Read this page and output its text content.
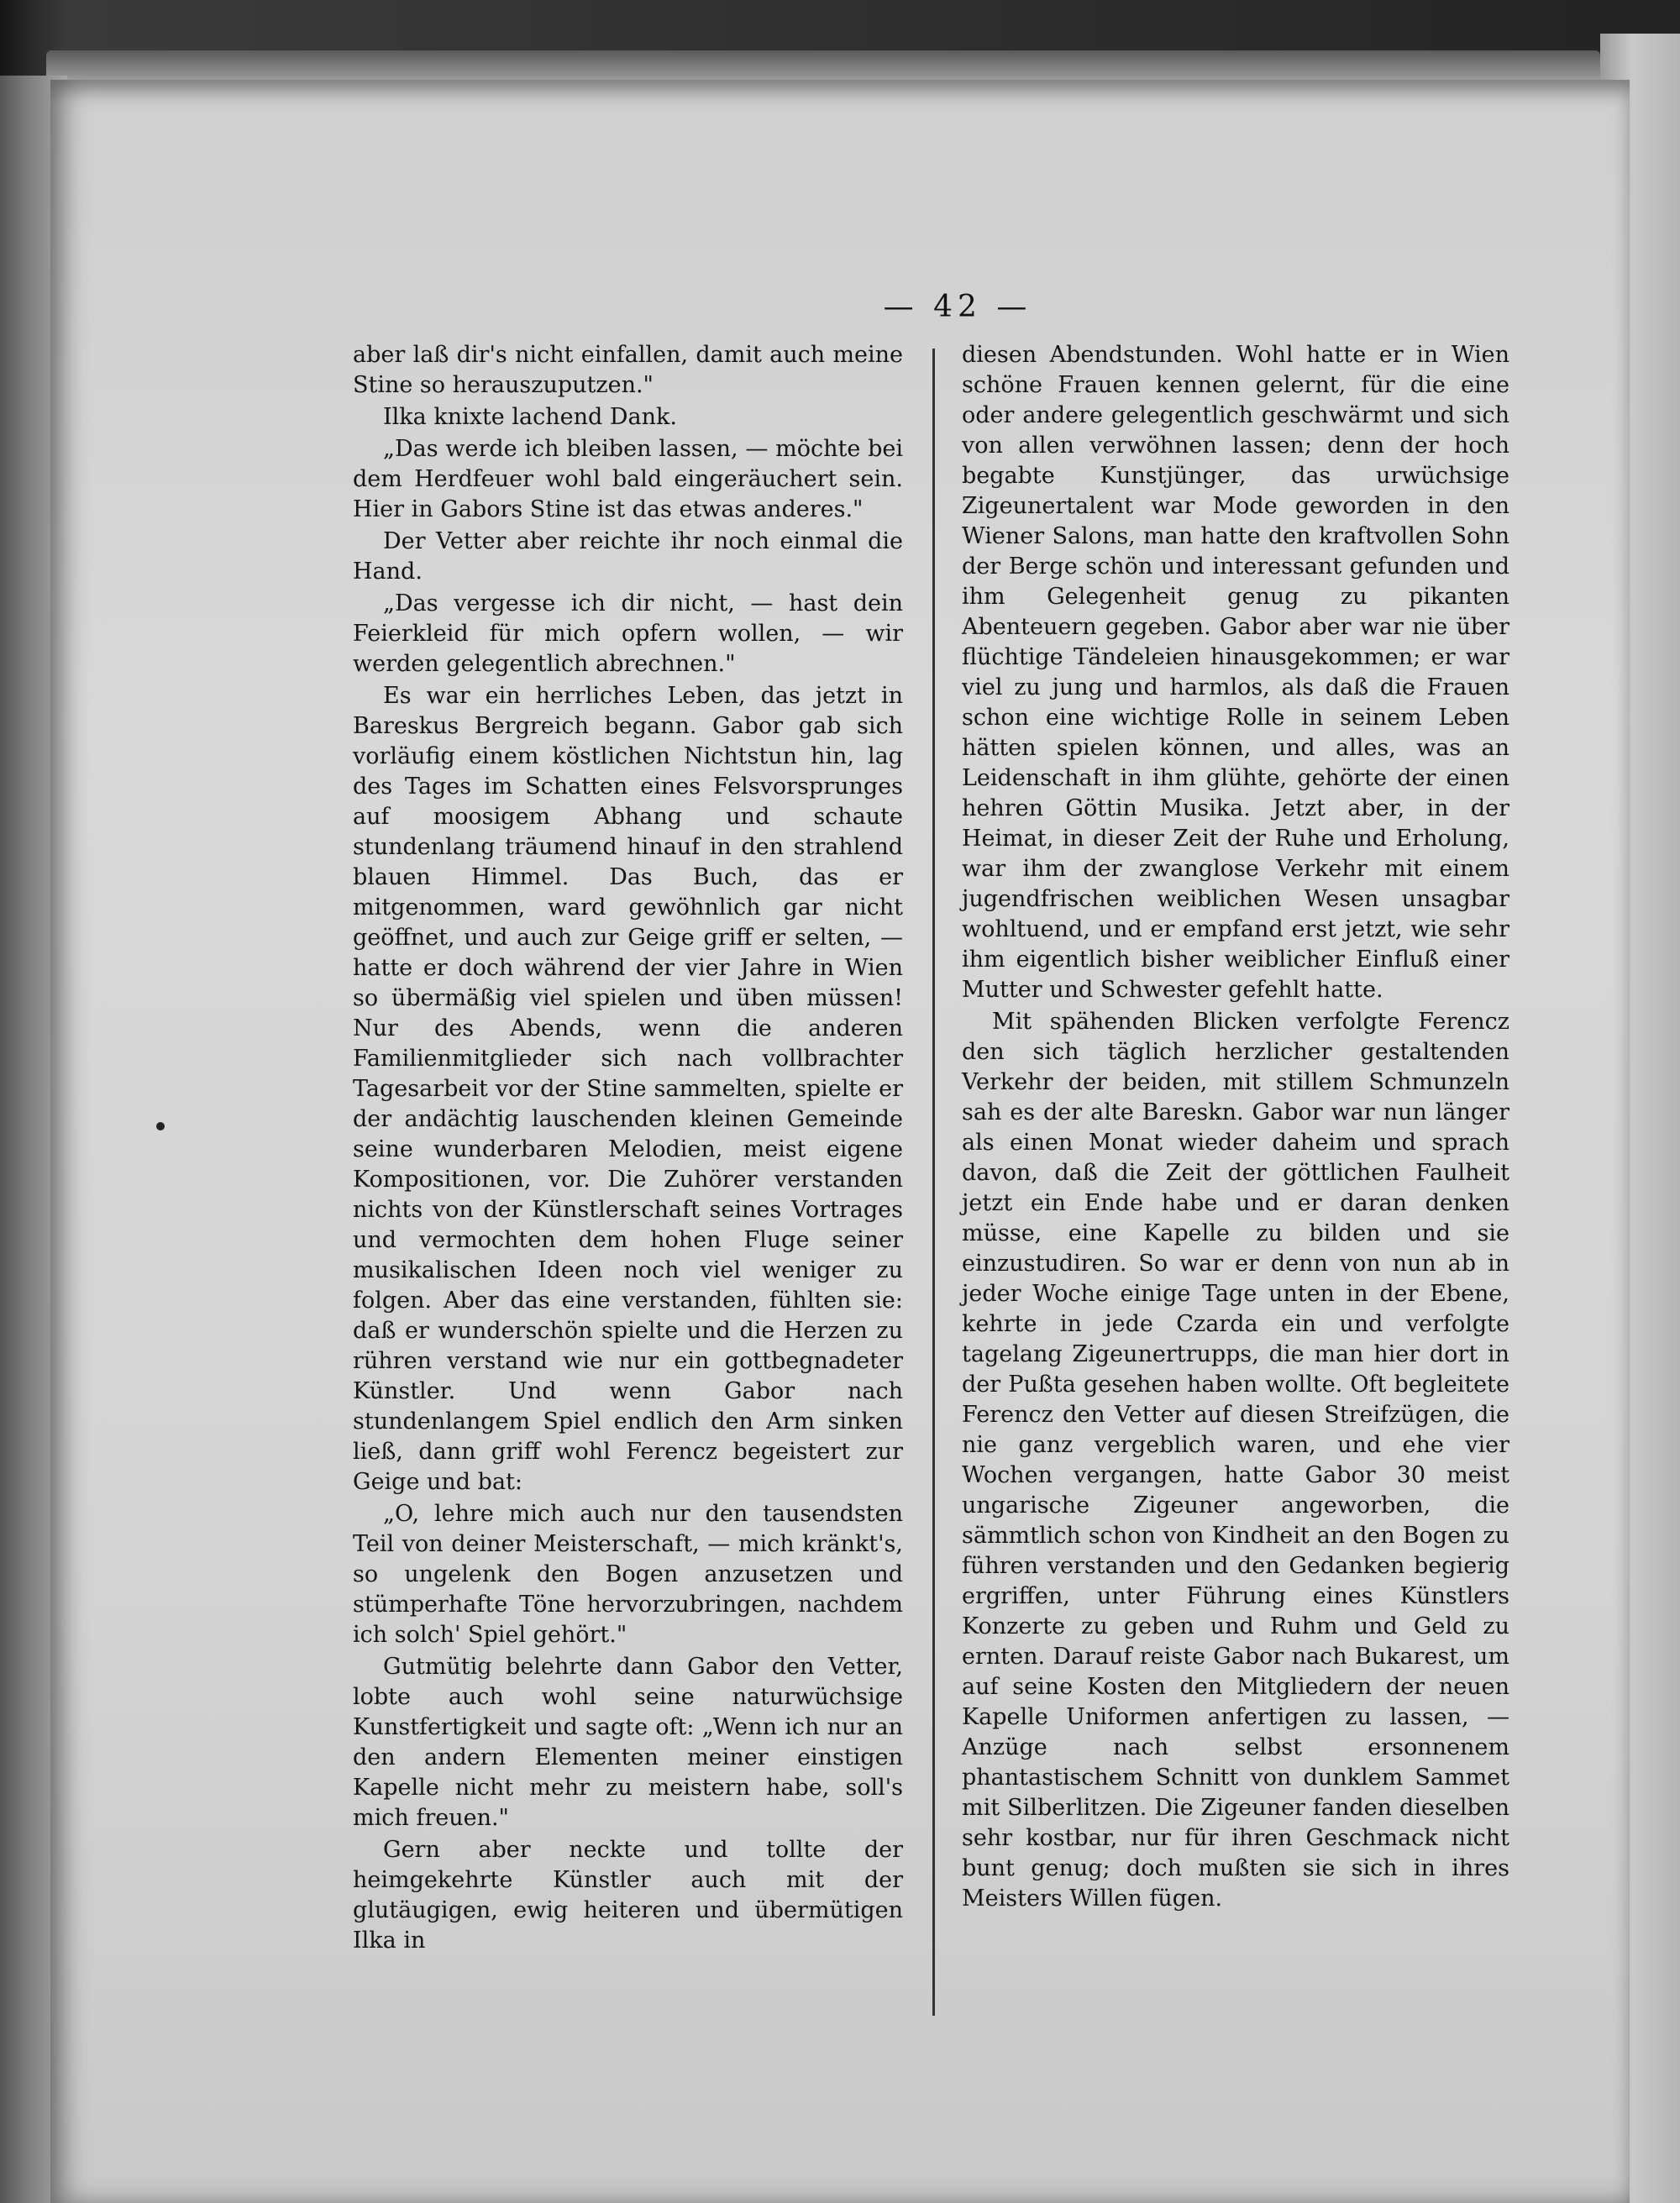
— 42 —

aber laß dir's nicht einfallen, damit auch meine Stine so herauszuputzen."

Ilka knixte lachend Dank.

„Das werde ich bleiben lassen, — möchte bei dem Herdfeuer wohl bald eingeräuchert sein. Hier in Gabors Stine ist das etwas anderes."

Der Vetter aber reichte ihr noch einmal die Hand.

„Das vergesse ich dir nicht, — hast dein Feierkleid für mich opfern wollen, — wir werden gelegentlich abrechnen."

Es war ein herrliches Leben, das jetzt in Bareskus Bergreich begann. Gabor gab sich vorläufig einem köstlichen Nichtstun hin, lag des Tages im Schatten eines Felsvorsprunges auf moosigem Abhang und schaute stundenlang träumend hinauf in den strahlend blauen Himmel. Das Buch, das er mitgenommen, ward gewöhnlich gar nicht geöffnet, und auch zur Geige griff er selten, — hatte er doch während der vier Jahre in Wien so übermäßig viel spielen und üben müssen! Nur des Abends, wenn die anderen Familienmitglieder sich nach vollbrachter Tagesarbeit vor der Stine sammelten, spielte er der andächtig lauschenden kleinen Gemeinde seine wunderbaren Melodien, meist eigene Kompositionen, vor. Die Zuhörer verstanden nichts von der Künstlerschaft seines Vortrages und vermochten dem hohen Fluge seiner musikalischen Ideen noch viel weniger zu folgen. Aber das eine verstanden, fühlten sie: daß er wunderschön spielte und die Herzen zu rühren verstand wie nur ein gottbegnadeter Künstler. Und wenn Gabor nach stundenlangem Spiel endlich den Arm sinken ließ, dann griff wohl Ferencz begeistert zur Geige und bat:

„O, lehre mich auch nur den tausendsten Teil von deiner Meisterschaft, — mich kränkt's, so ungelenk den Bogen anzusetzen und stümperhafte Töne hervorzubringen, nachdem ich solch' Spiel gehört."

Gutmütig belehrte dann Gabor den Vetter, lobte auch wohl seine naturwüchsige Kunstfertigkeit und sagte oft: „Wenn ich nur an den andern Elementen meiner einstigen Kapelle nicht mehr zu meistern habe, soll's mich freuen."

Gern aber neckte und tollte der heimgekehrte Künstler auch mit der glutäugigen, ewig heiteren und übermütigen Ilka in

diesen Abendstunden. Wohl hatte er in Wien schöne Frauen kennen gelernt, für die eine oder andere gelegentlich geschwärmt und sich von allen verwöhnen lassen; denn der hoch begabte Kunstjünger, das urwüchsige Zigeunertalent war Mode geworden in den Wiener Salons, man hatte den kraftvollen Sohn der Berge schön und interessant gefunden und ihm Gelegenheit genug zu pikanten Abenteuern gegeben. Gabor aber war nie über flüchtige Tändeleien hinausgekommen; er war viel zu jung und harmlos, als daß die Frauen schon eine wichtige Rolle in seinem Leben hätten spielen können, und alles, was an Leidenschaft in ihm glühte, gehörte der einen hehren Göttin Musika. Jetzt aber, in der Heimat, in dieser Zeit der Ruhe und Erholung, war ihm der zwanglose Verkehr mit einem jugendfrischen weiblichen Wesen unsagbar wohltuend, und er empfand erst jetzt, wie sehr ihm eigentlich bisher weiblicher Einfluß einer Mutter und Schwester gefehlt hatte.

Mit spähenden Blicken verfolgte Ferencz den sich täglich herzlicher gestaltenden Verkehr der beiden, mit stillem Schmunzeln sah es der alte Bareskn. Gabor war nun länger als einen Monat wieder daheim und sprach davon, daß die Zeit der göttlichen Faulheit jetzt ein Ende habe und er daran denken müsse, eine Kapelle zu bilden und sie einzustudiren. So war er denn von nun ab in jeder Woche einige Tage unten in der Ebene, kehrte in jede Czarda ein und verfolgte tagelang Zigeunertrupps, die man hier dort in der Pußta gesehen haben wollte. Oft begleitete Ferencz den Vetter auf diesen Streifzügen, die nie ganz vergeblich waren, und ehe vier Wochen vergangen, hatte Gabor 30 meist ungarische Zigeuner angeworben, die sämmtlich schon von Kindheit an den Bogen zu führen verstanden und den Gedanken begierig ergriffen, unter Führung eines Künstlers Konzerte zu geben und Ruhm und Geld zu ernten. Darauf reiste Gabor nach Bukarest, um auf seine Kosten den Mitgliedern der neuen Kapelle Uniformen anfertigen zu lassen, — Anzüge nach selbst ersonnenem phantastischem Schnitt von dunklem Sammet mit Silberlitzen. Die Zigeuner fanden dieselben sehr kostbar, nur für ihren Geschmack nicht bunt genug; doch mußten sie sich in ihres Meisters Willen fügen.
